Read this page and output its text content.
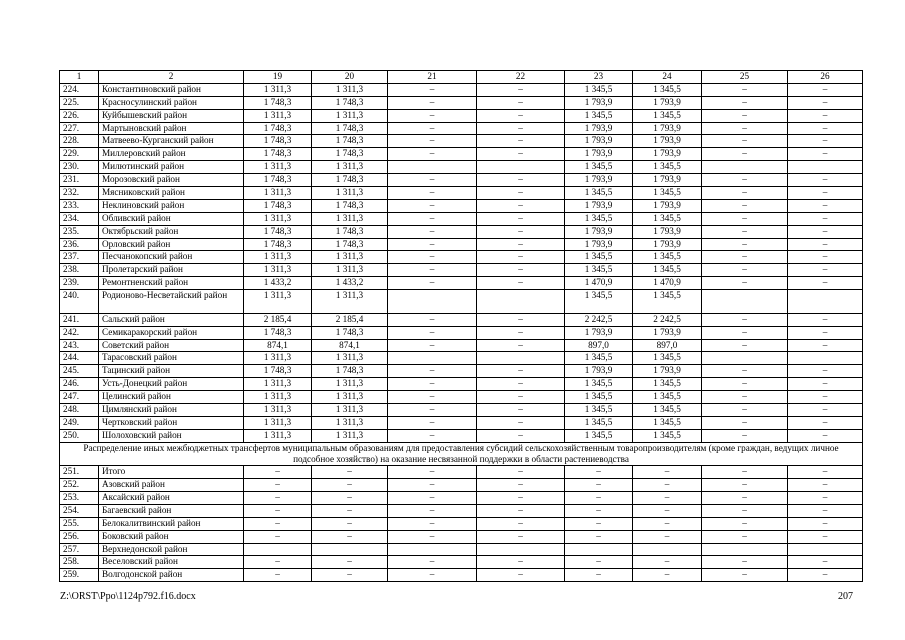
1	2	19	20	21	22	23	24	25	26
224.	Константиновский район	1 311,3	1 311,3	–	–	1 345,5	1 345,5	–	–
225.	Красносулинский район	1 748,3	1 748,3	–	–	1 793,9	1 793,9	–	–
226.	Куйбышевский район	1 311,3	1 311,3	–	–	1 345,5	1 345,5	–	–
227.	Мартыновский район	1 748,3	1 748,3	–	–	1 793,9	1 793,9	–	–
228.	Матвеево-Курганский район	1 748,3	1 748,3	–	–	1 793,9	1 793,9	–	–
229.	Миллеровский район	1 748,3	1 748,3	–	–	1 793,9	1 793,9	–	–
230.	Милютинский район	1 311,3	1 311,3			1 345,5	1 345,5		
231.	Морозовский район	1 748,3	1 748,3	–	–	1 793,9	1 793,9	–	–
232.	Мясниковский район	1 311,3	1 311,3	–	–	1 345,5	1 345,5	–	–
233.	Неклиновский район	1 748,3	1 748,3	–	–	1 793,9	1 793,9	–	–
234.	Обливский район	1 311,3	1 311,3	–	–	1 345,5	1 345,5	–	–
235.	Октябрьский район	1 748,3	1 748,3	–	–	1 793,9	1 793,9	–	–
236.	Орловский район	1 748,3	1 748,3	–	–	1 793,9	1 793,9	–	–
237.	Песчанокопский район	1 311,3	1 311,3	–	–	1 345,5	1 345,5	–	–
238.	Пролетарский район	1 311,3	1 311,3	–	–	1 345,5	1 345,5	–	–
239.	Ремонтненский район	1 433,2	1 433,2	–	–	1 470,9	1 470,9	–	–
240.	Родионово-Несветайский район	1 311,3	1 311,3			1 345,5	1 345,5		
241.	Сальский район	2 185,4	2 185,4	–	–	2 242,5	2 242,5	–	–
242.	Семикаракорский район	1 748,3	1 748,3	–	–	1 793,9	1 793,9	–	–
243.	Советский район	874,1	874,1	–	–	897,0	897,0	–	–
244.	Тарасовский район	1 311,3	1 311,3			1 345,5	1 345,5		
245.	Тацинский район	1 748,3	1 748,3	–	–	1 793,9	1 793,9	–	–
246.	Усть-Донецкий район	1 311,3	1 311,3	–	–	1 345,5	1 345,5	–	–
247.	Целинский район	1 311,3	1 311,3	–	–	1 345,5	1 345,5	–	–
248.	Цимлянский район	1 311,3	1 311,3	–	–	1 345,5	1 345,5	–	–
249.	Чертковский район	1 311,3	1 311,3	–	–	1 345,5	1 345,5	–	–
250.	Шолоховский район	1 311,3	1 311,3	–	–	1 345,5	1 345,5	–	–
Распределение иных межбюджетных трансфертов муниципальным образованиям для предоставления субсидий сельскохозяйственным товаропроизводителям (кроме граждан, ведущих личное подсобное хозяйство) на оказание несвязанной поддержки в области растениеводства									
251.	Итого	–	–	–	–	–	–	–	–
252.	Азовский район	–	–	–	–	–	–	–	–
253.	Аксайский район	–	–	–	–	–	–	–	–
254.	Багаевский район	–	–	–	–	–	–	–	–
255.	Белокалитвинский район	–	–	–	–	–	–	–	–
256.	Боковский район	–	–	–	–	–	–	–	–
257.	Верхнедонской район								
258.	Веселовский район	–	–	–	–	–	–	–	–
259.	Волгодонской район	–	–	–	–	–	–	–	–
Z:\ORST\Ppo\1124p792.f16.docx	207
